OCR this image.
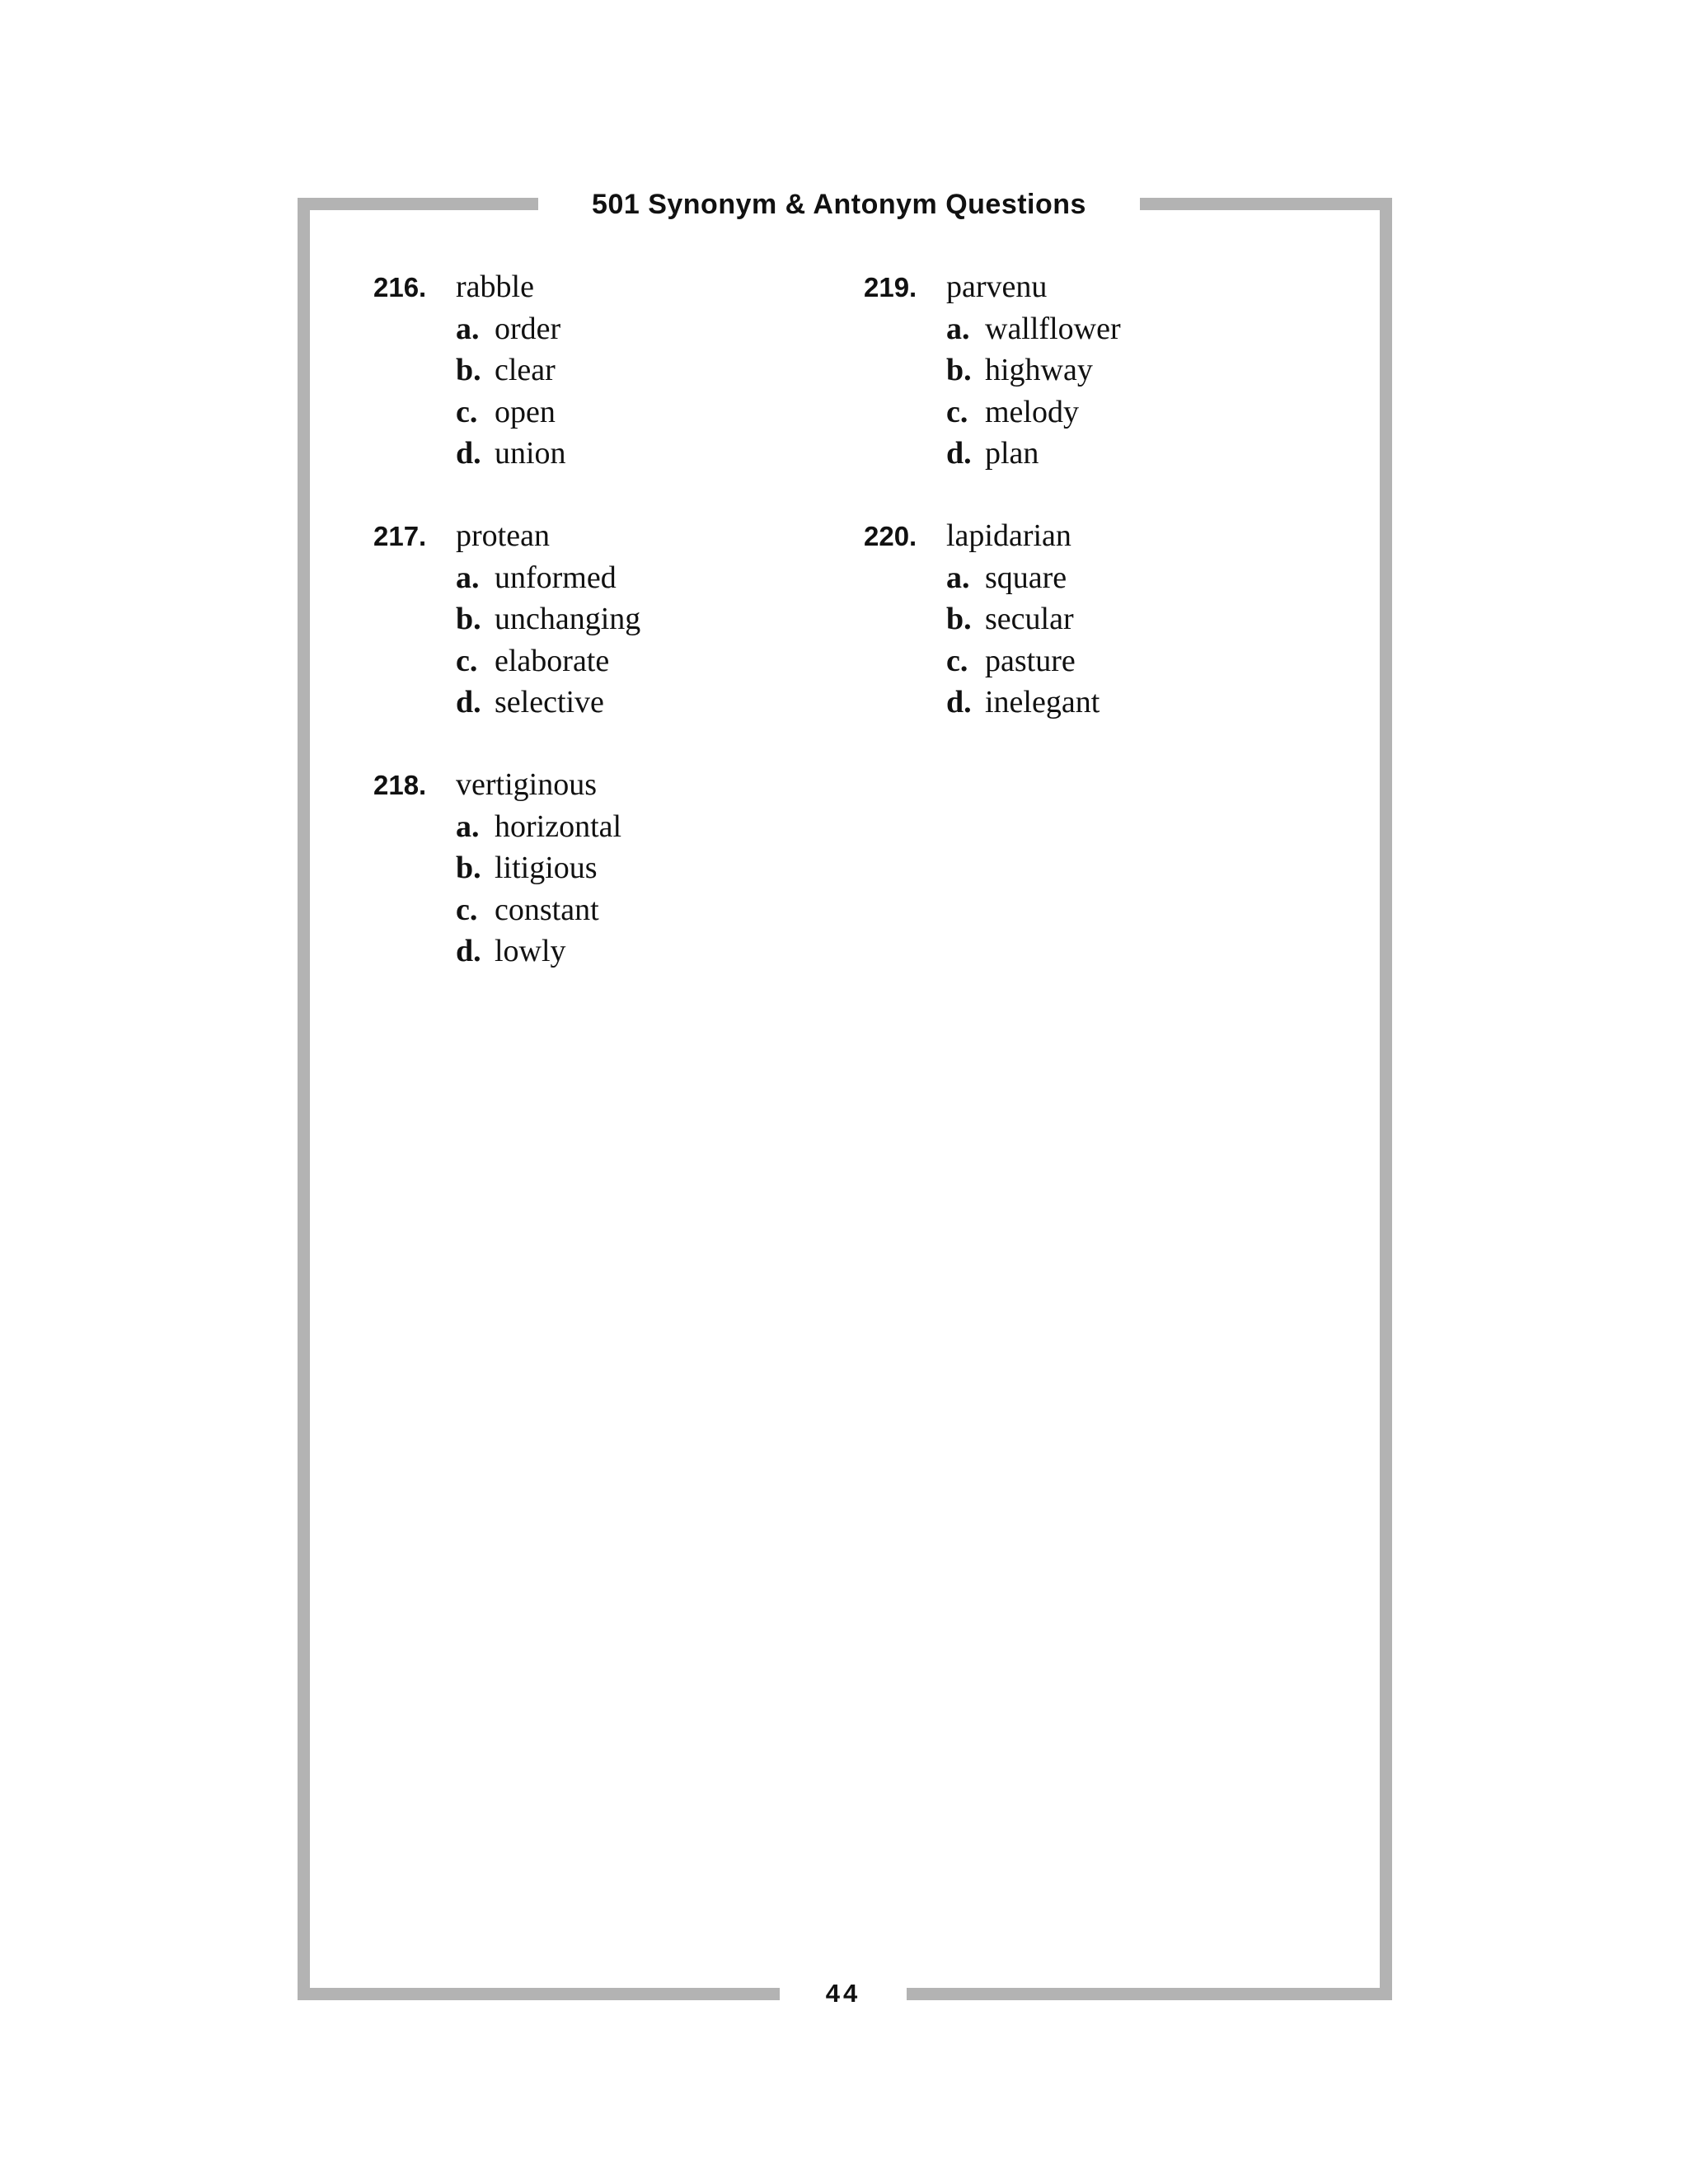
501 Synonym & Antonym Questions
44
216. rabble
a. order
b. clear
c. open
d. union
217. protean
a. unformed
b. unchanging
c. elaborate
d. selective
218. vertiginous
a. horizontal
b. litigious
c. constant
d. lowly
219. parvenu
a. wallflower
b. highway
c. melody
d. plan
220. lapidarian
a. square
b. secular
c. pasture
d. inelegant
